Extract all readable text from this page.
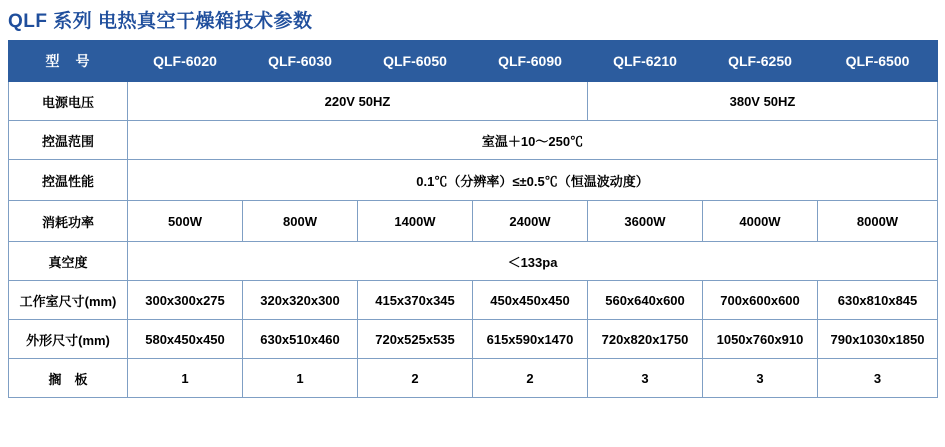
QLF 系列 电热真空干燥箱技术参数
型　号	QLF-6020	QLF-6030	QLF-6050	QLF-6090	QLF-6210	QLF-6250	QLF-6500
电源电压	220V 50HZ				380V 50HZ		
控温范围	室温＋10～250℃						
控温性能	0.1℃（分辨率）≤±0.5℃（恒温波动度）						
消耗功率	500W	800W	1400W	2400W	3600W	4000W	8000W
真空度	＜133pa						
工作室尺寸(mm)	300x300x275	320x320x300	415x370x345	450x450x450	560x640x600	700x600x600	630x810x845
外形尺寸(mm)	580x450x450	630x510x460	720x525x535	615x590x1470	720x820x1750	1050x760x910	790x1030x1850
搁　板	1	1	2	2	3	3	3
